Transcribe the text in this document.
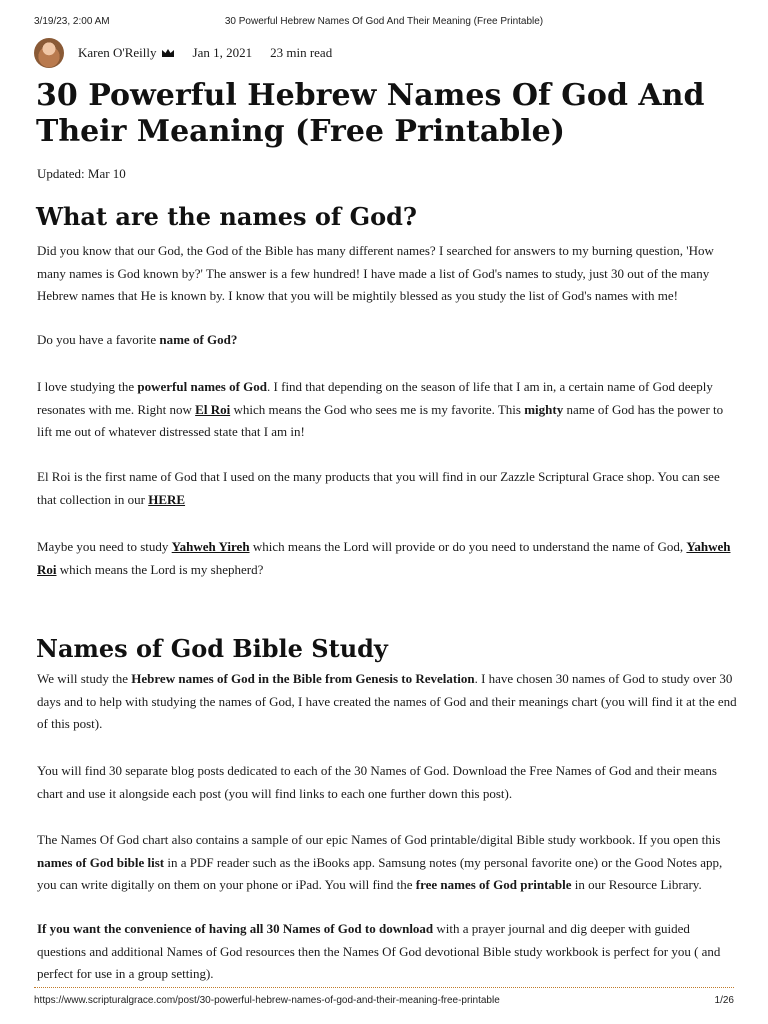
3/19/23, 2:00 AM	30 Powerful Hebrew Names Of God And Their Meaning (Free Printable)
Karen O'Reilly	Jan 1, 2021 23 min read
30 Powerful Hebrew Names Of God And Their Meaning (Free Printable)
Updated: Mar 10
What are the names of God?

Did you know that our God, the God of the Bible has many different names? I searched for answers to my burning question, 'How many names is God known by?' The answer is a few hundred! I have made a list of God's names to study, just 30 out of the many Hebrew names that He is known by. I know that you will be mightily blessed as you study the list of God's names with me!

Do you have a favorite name of God?

I love studying the powerful names of God. I find that depending on the season of life that I am in, a certain name of God deeply resonates with me. Right now El Roi which means the God who sees me is my favorite. This mighty name of God has the power to lift me out of whatever distressed state that I am in!

El Roi is the first name of God that I used on the many products that you will find in our Zazzle Scriptural Grace shop. You can see that collection in our HERE

Maybe you need to study Yahweh Yireh which means the Lord will provide or do you need to understand the name of God, Yahweh Roi which means the Lord is my shepherd?

Names of God Bible Study

We will study the Hebrew names of God in the Bible from Genesis to Revelation. I have chosen 30 names of God to study over 30 days and to help with studying the names of God, I have created the names of God and their meanings chart (you will find it at the end of this post).

You will find 30 separate blog posts dedicated to each of the 30 Names of God. Download the Free Names of God and their means chart and use it alongside each post (you will find links to each one further down this post).

The Names Of God chart also contains a sample of our epic Names of God printable/digital Bible study workbook. If you open this names of God bible list in a PDF reader such as the iBooks app. Samsung notes (my personal favorite one) or the Good Notes app, you can write digitally on them on your phone or iPad. You will find the free names of God printable in our Resource Library.

If you want the convenience of having all 30 Names of God to download with a prayer journal and dig deeper with guided questions and additional Names of God resources then the Names Of God devotional Bible study workbook is perfect for you ( and perfect for use in a group setting).

https://www.scripturalgrace.com/post/30-powerful-hebrew-names-of-god-and-their-meaning-free-printable	1/26
